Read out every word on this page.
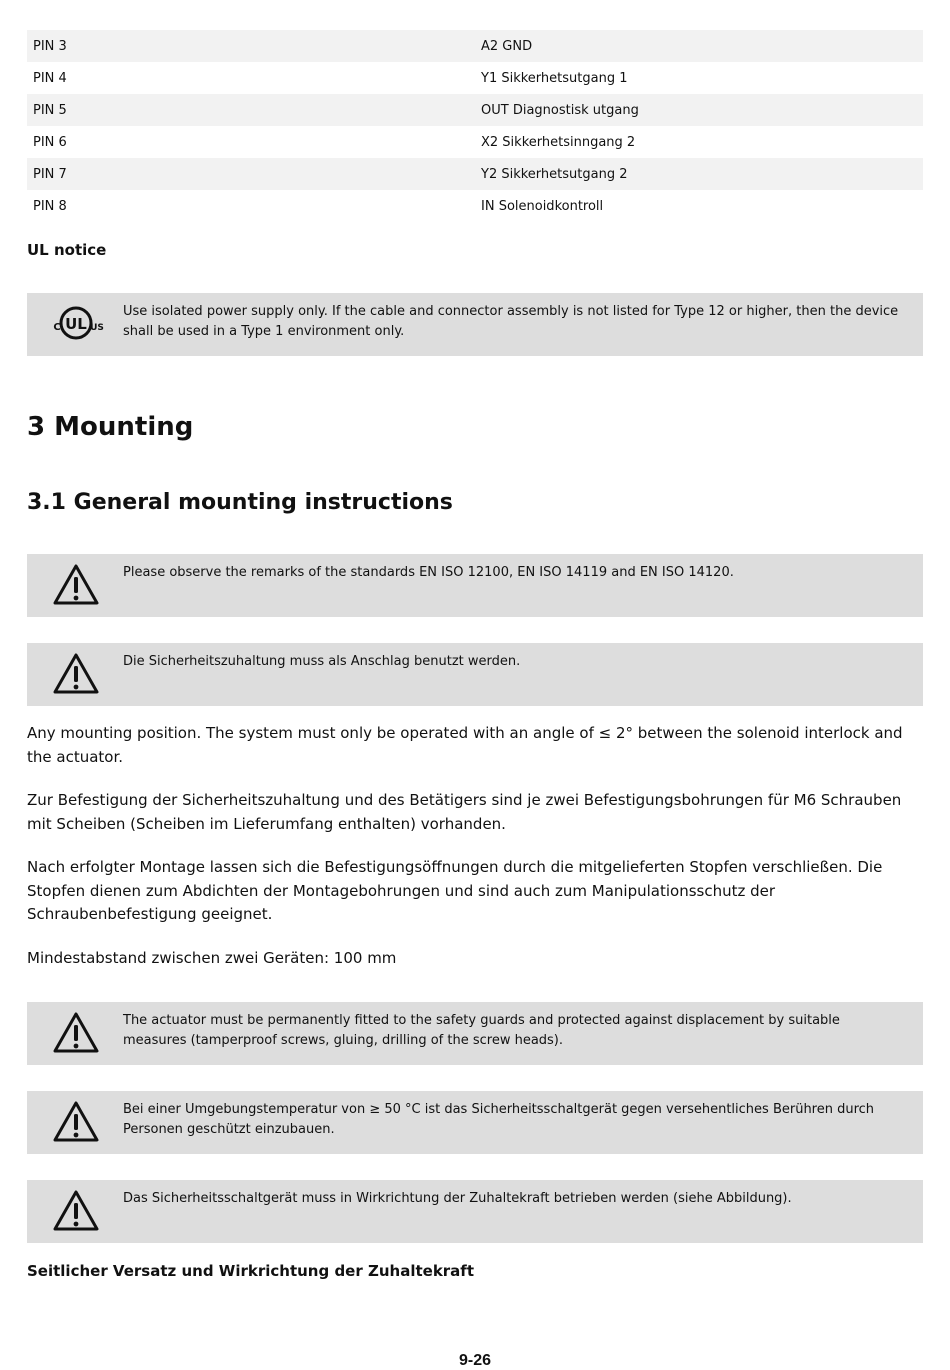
PIN 3	A2 GND
PIN 4	Y1 Sikkerhetsutgang 1
PIN 5	OUT Diagnostisk utgang
PIN 6	X2 Sikkerhetsinngang 2
PIN 7	Y2 Sikkerhetsutgang 2
PIN 8	IN Solenoidkontroll
UL notice
UL
C	US
Use isolated power supply only. If the cable and connector assembly is not listed for Type 12 or higher, then the device shall be used in a Type 1 environment only.
3 Mounting
3.1 General mounting instructions
Please observe the remarks of the standards EN ISO 12100, EN ISO 14119 and EN ISO 14120.
Die Sicherheitszuhaltung muss als Anschlag benutzt werden.

Any mounting position. The system must only be operated with an angle of ≤ 2° between the solenoid interlock and the actuator.

Zur Befestigung der Sicherheitszuhaltung und des Betätigers sind je zwei Befestigungsbohrungen für M6 Schrauben mit Scheiben (Scheiben im Lieferumfang enthalten) vorhanden.

Nach erfolgter Montage lassen sich die Befestigungsöffnungen durch die mitgelieferten Stopfen verschließen. Die Stopfen dienen zum Abdichten der Montagebohrungen und sind auch zum Manipulationsschutz der Schraubenbefestigung geeignet.

Mindestabstand zwischen zwei Geräten: 100 mm

The actuator must be permanently fitted to the safety guards and protected against displacement by suitable measures (tamperproof screws, gluing, drilling of the screw heads).
Bei einer Umgebungstemperatur von ≥ 50 °C ist das Sicherheitsschaltgerät gegen versehentliches Berühren durch Personen geschützt einzubauen.
Das Sicherheitsschaltgerät muss in Wirkrichtung der Zuhaltekraft betrieben werden (siehe Abbildung).
Seitlicher Versatz und Wirkrichtung der Zuhaltekraft
9-26
